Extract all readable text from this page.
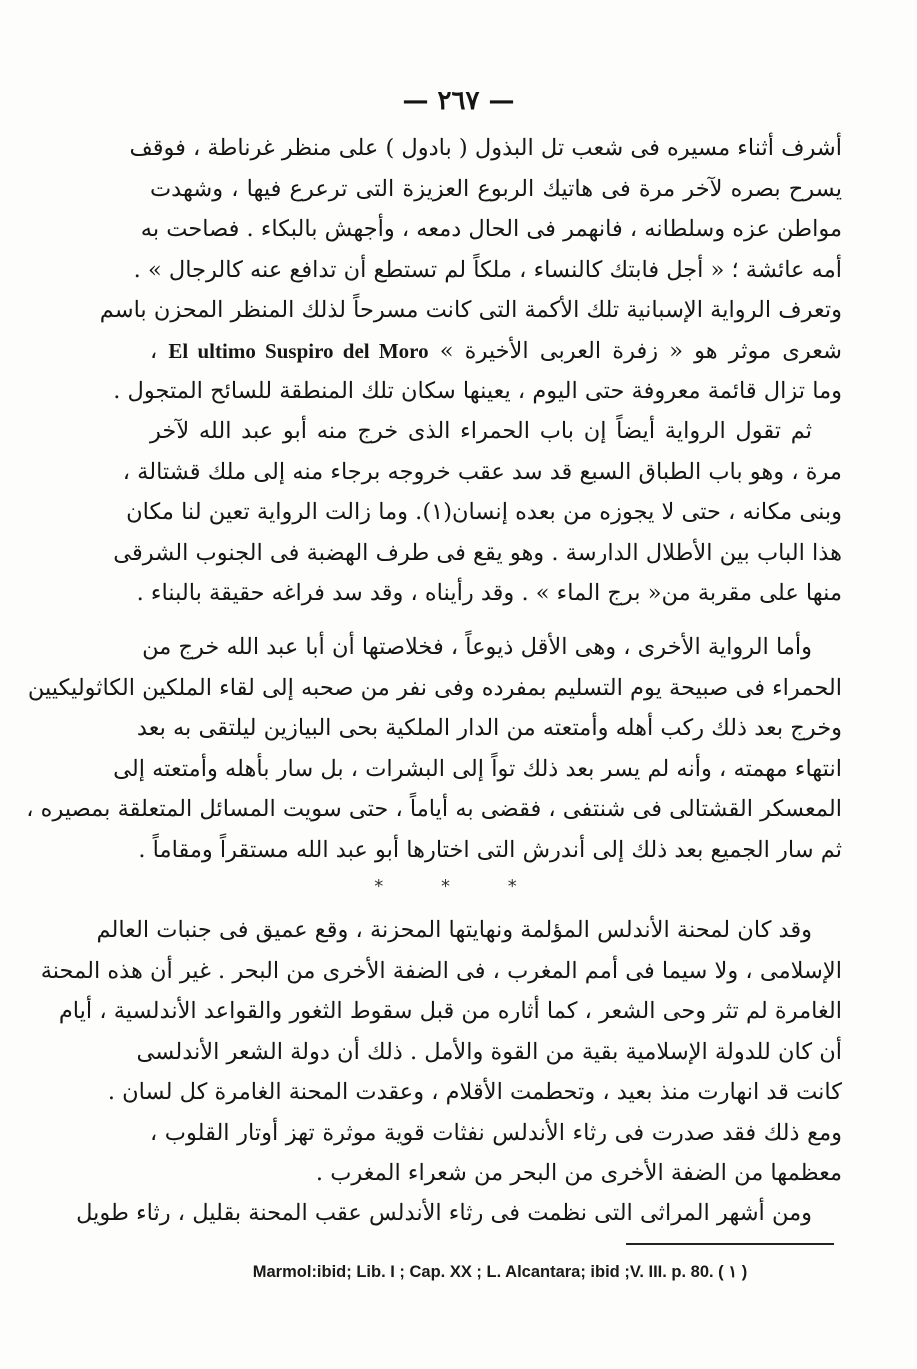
— ٢٦٧ —
أشرف أثناء مسيره فى شعب تل البذول ( بادول ) على منظر غرناطة ، فوقف
يسرح بصره لآخر مرة فى هاتيك الربوع العزيزة التى ترعرع فيها ، وشهدت
مواطن عزه وسلطانه ، فانهمر فى الحال دمعه ، وأجهش بالبكاء . فصاحت به
أمه عائشة ؛ « أجل فابتك كالنساء ، ملكاً لم تستطع أن تدافع عنه كالرجال » .
وتعرف الرواية الإسبانية تلك الأكمة التى كانت مسرحاً لذلك المنظر المحزن باسم
شعرى موثر هو « زفرة العربى الأخيرة » El ultimo Suspiro del Moro ،
وما تزال قائمة معروفة حتى اليوم ، يعينها سكان تلك المنطقة للسائح المتجول .
ثم تقول الرواية أيضاً إن باب الحمراء الذى خرج منه أبو عبد الله لآخر
مرة ، وهو باب الطباق السبع قد سد عقب خروجه برجاء منه إلى ملك قشتالة ،
وبنى مكانه ، حتى لا يجوزه من بعده إنسان(١). وما زالت الرواية تعين لنا مكان
هذا الباب بين الأطلال الدارسة . وهو يقع فى طرف الهضبة فى الجنوب الشرقى
منها على مقربة من« برج الماء » . وقد رأيناه ، وقد سد فراغه حقيقة بالبناء .
وأما الرواية الأخرى ، وهى الأقل ذيوعاً ، فخلاصتها أن أبا عبد الله خرج من
الحمراء فى صبيحة يوم التسليم بمفرده وفى نفر من صحبه إلى لقاء الملكين الكاثوليكيين
وخرج بعد ذلك ركب أهله وأمتعته من الدار الملكية بحى البيازين ليلتقى به بعد
انتهاء مهمته ، وأنه لم يسر بعد ذلك تواً إلى البشرات ، بل سار بأهله وأمتعته إلى
المعسكر القشتالى فى شنتفى ، فقضى به أياماً ، حتى سويت المسائل المتعلقة بمصيره ،
ثم سار الجميع بعد ذلك إلى أندرش التى اختارها أبو عبد الله مستقراً ومقاماً .
* * *
وقد كان لمحنة الأندلس المؤلمة ونهايتها المحزنة ، وقع عميق فى جنبات العالم
الإسلامى ، ولا سيما فى أمم المغرب ، فى الضفة الأخرى من البحر . غير أن هذه المحنة
الغامرة لم تثر وحى الشعر ، كما أثاره من قبل سقوط الثغور والقواعد الأندلسية ، أيام
أن كان للدولة الإسلامية بقية من القوة والأمل . ذلك أن دولة الشعر الأندلسى
كانت قد انهارت منذ بعيد ، وتحطمت الأقلام ، وعقدت المحنة الغامرة كل لسان .
ومع ذلك فقد صدرت فى رثاء الأندلس نفثات قوية موثرة تهز أوتار القلوب ،
معظمها من الضفة الأخرى من البحر من شعراء المغرب .
ومن أشهر المراثى التى نظمت فى رثاء الأندلس عقب المحنة بقليل ، رثاء طويل
Marmol:ibid; Lib. I ; Cap. XX ; L. Alcantara; ibid ;V. III. p. 80. ( ١ )
